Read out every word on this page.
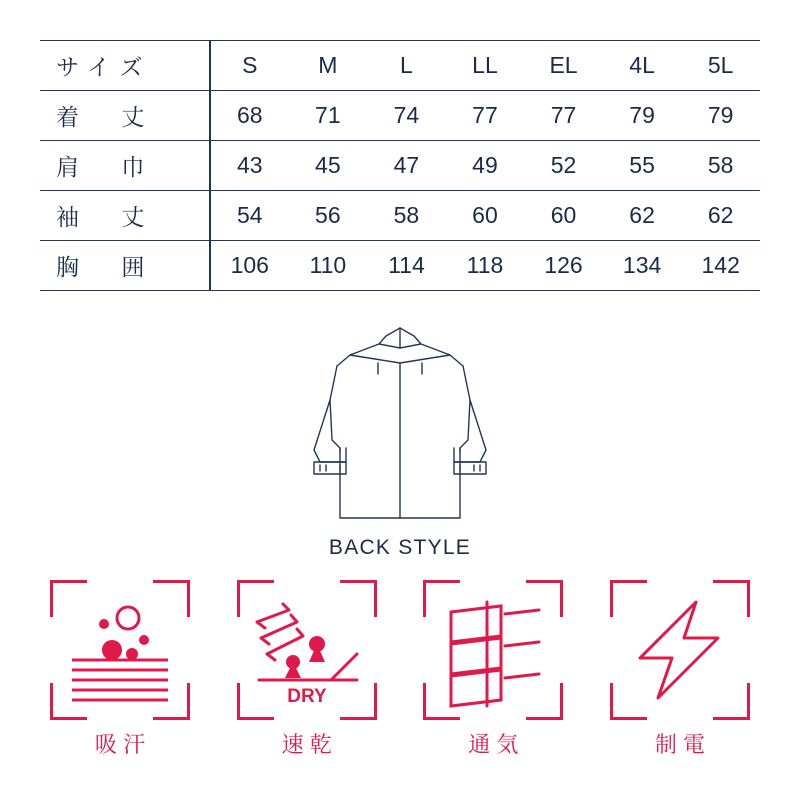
サイズ	S	M	L	LL	EL	4L	5L
着　丈	68	71	74	77	77	79	79
肩　巾	43	45	47	49	52	55	58
袖　丈	54	56	58	60	60	62	62
胸　囲	106	110	114	118	126	134	142
BACK STYLE
吸汗
DRY
速乾	通気	制電
